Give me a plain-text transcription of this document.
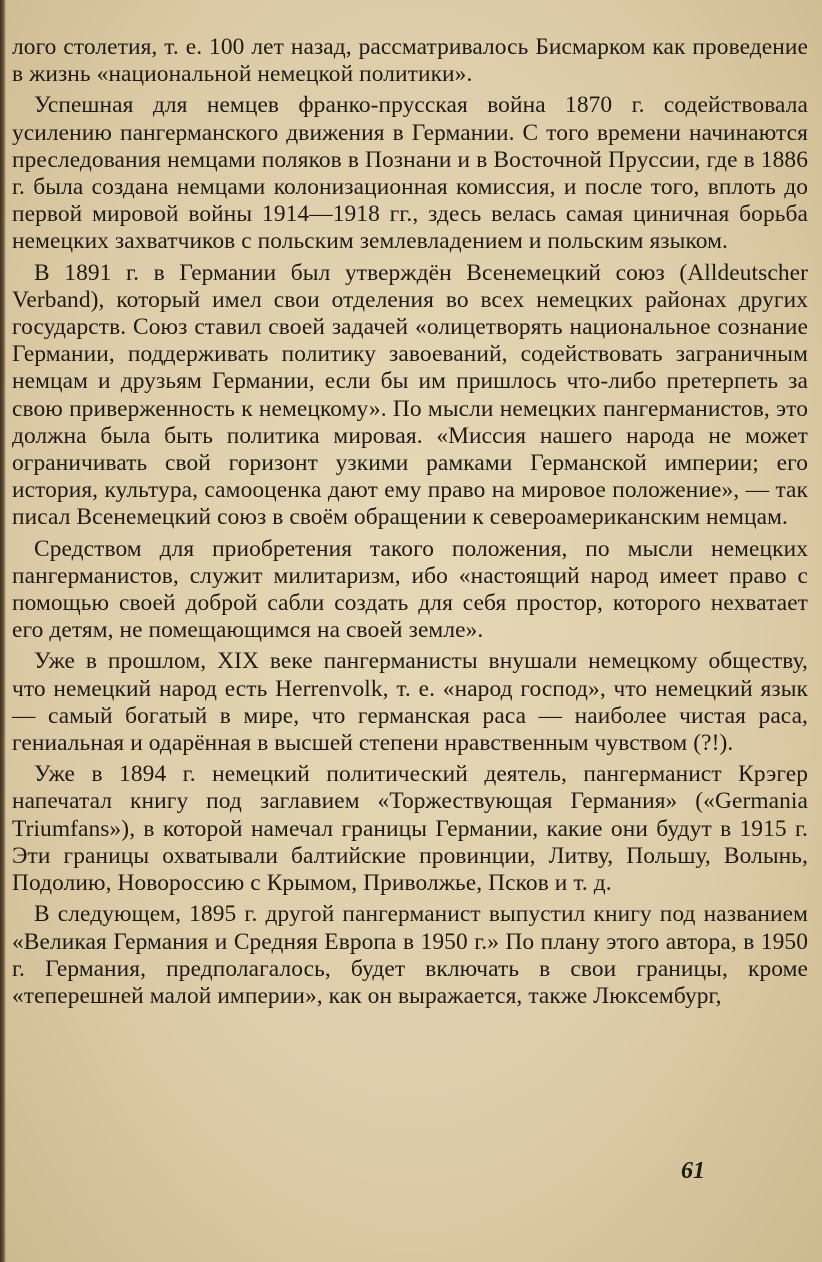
лого столетия, т. е. 100 лет назад, рассматривалось Бисмарком как проведение в жизнь «национальной немецкой политики».

Успешная для немцев франко-прусская война 1870 г. содействовала усилению пангерманского движения в Германии. С того времени начинаются преследования немцами поляков в Познани и в Восточной Пруссии, где в 1886 г. была создана немцами колонизационная комиссия, и после того, вплоть до первой мировой войны 1914—1918 гг., здесь велась самая циничная борьба немецких захватчиков с польским землевладением и польским языком.

В 1891 г. в Германии был утверждён Всенемецкий союз (Alldeutscher Verband), который имел свои отделения во всех немецких районах других государств. Союз ставил своей задачей «олицетворять национальное сознание Германии, поддерживать политику завоеваний, содействовать заграничным немцам и друзьям Германии, если бы им пришлось что-либо претерпеть за свою приверженность к немецкому». По мысли немецких пангерманистов, это должна была быть политика мировая. «Миссия нашего народа не может ограничивать свой горизонт узкими рамками Германской империи; его история, культура, самооценка дают ему право на мировое положение», — так писал Всенемецкий союз в своём обращении к североамериканским немцам.

Средством для приобретения такого положения, по мысли немецких пангерманистов, служит милитаризм, ибо «настоящий народ имеет право с помощью своей доброй сабли создать для себя простор, которого нехватает его детям, не помещающимся на своей земле».

Уже в прошлом, XIX веке пангерманисты внушали немецкому обществу, что немецкий народ есть Herrenvolk, т. е. «народ господ», что немецкий язык — самый богатый в мире, что германская раса — наиболее чистая раса, гениальная и одарённая в высшей степени нравственным чувством (?!).

Уже в 1894 г. немецкий политический деятель, пангерманист Крэгер напечатал книгу под заглавием «Торжествующая Германия» («Germania Triumfans»), в которой намечал границы Германии, какие они будут в 1915 г. Эти границы охватывали балтийские провинции, Литву, Польшу, Волынь, Подолию, Новороссию с Крымом, Приволжье, Псков и т. д.

В следующем, 1895 г. другой пангерманист выпустил книгу под названием «Великая Германия и Средняя Европа в 1950 г.» По плану этого автора, в 1950 г. Германия, предполагалось, будет включать в свои границы, кроме «теперешней малой империи», как он выражается, также Люксембург,

61
